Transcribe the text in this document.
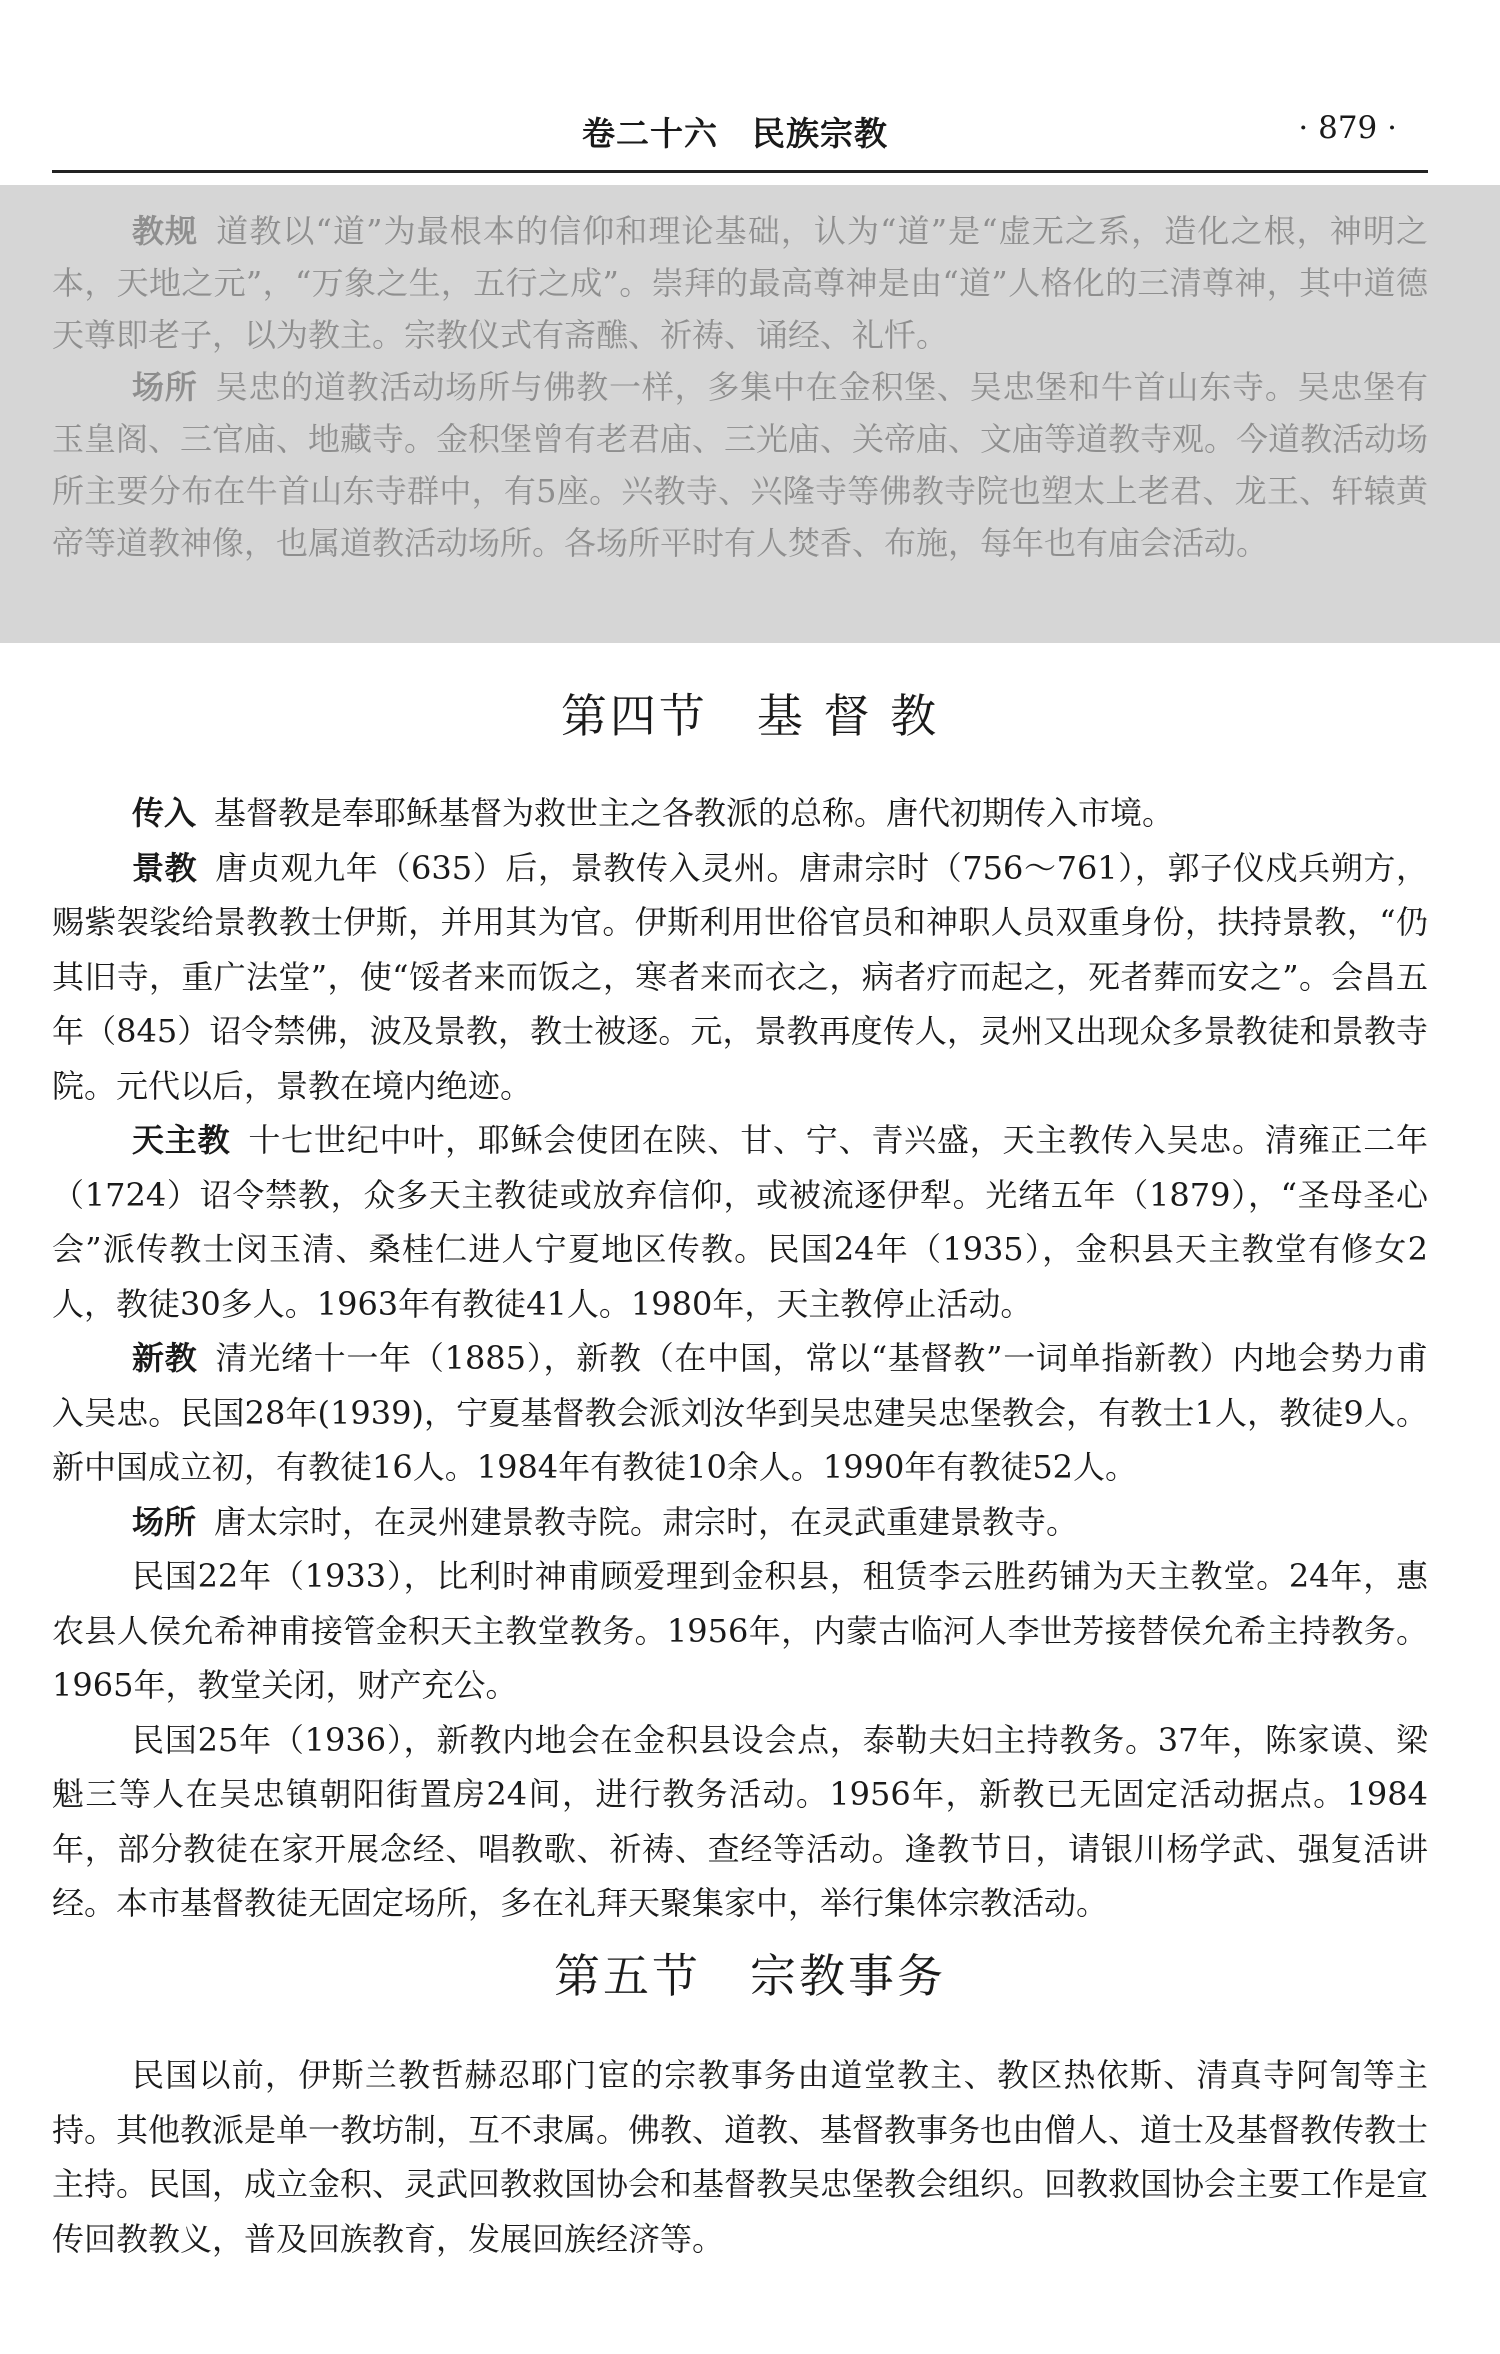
卷二十六　民族宗教	· 879 ·

教规 道教以“道”为最根本的信仰和理论基础，认为“道”是“虚无之系，造化之根，神明之本，天地之元”，“万象之生，五行之成”。崇拜的最高尊神是由“道”人格化的三清尊神，其中道德天尊即老子，以为教主。宗教仪式有斋醮、祈祷、诵经、礼忏。

场所 吴忠的道教活动场所与佛教一样，多集中在金积堡、吴忠堡和牛首山东寺。吴忠堡有玉皇阁、三官庙、地藏寺。金积堡曾有老君庙、三光庙、关帝庙、文庙等道教寺观。今道教活动场所主要分布在牛首山东寺群中，有5座。兴教寺、兴隆寺等佛教寺院也塑太上老君、龙王、轩辕黄帝等道教神像，也属道教活动场所。各场所平时有人焚香、布施，每年也有庙会活动。

第四节　基 督 教

传入 基督教是奉耶稣基督为救世主之各教派的总称。唐代初期传入市境。

景教 唐贞观九年（635）后，景教传入灵州。唐肃宗时（756～761），郭子仪戍兵朔方，赐紫袈裟给景教教士伊斯，并用其为官。伊斯利用世俗官员和神职人员双重身份，扶持景教，“仍其旧寺，重广法堂”，使“馁者来而饭之，寒者来而衣之，病者疗而起之，死者葬而安之”。会昌五年（845）诏令禁佛，波及景教，教士被逐。元，景教再度传人，灵州又出现众多景教徒和景教寺院。元代以后，景教在境内绝迹。

天主教 十七世纪中叶，耶稣会使团在陕、甘、宁、青兴盛，天主教传入吴忠。清雍正二年（1724）诏令禁教，众多天主教徒或放弃信仰，或被流逐伊犁。光绪五年（1879），“圣母圣心会”派传教士闵玉清、桑桂仁进人宁夏地区传教。民国24年（1935），金积县天主教堂有修女2人，教徒30多人。1963年有教徒41人。1980年，天主教停止活动。

新教 清光绪十一年（1885），新教（在中国，常以“基督教”一词单指新教）内地会势力甫入吴忠。民国28年(1939)，宁夏基督教会派刘汝华到吴忠建吴忠堡教会，有教士1人，教徒9人。新中国成立初，有教徒16人。1984年有教徒10余人。1990年有教徒52人。

场所 唐太宗时，在灵州建景教寺院。肃宗时，在灵武重建景教寺。

民国22年（1933），比利时神甫顾爱理到金积县，租赁李云胜药铺为天主教堂。24年，惠农县人侯允希神甫接管金积天主教堂教务。1956年，内蒙古临河人李世芳接替侯允希主持教务。1965年，教堂关闭，财产充公。

民国25年（1936），新教内地会在金积县设会点，泰勒夫妇主持教务。37年，陈家谟、梁魁三等人在吴忠镇朝阳街置房24间，进行教务活动。1956年，新教已无固定活动据点。1984年，部分教徒在家开展念经、唱教歌、祈祷、查经等活动。逢教节日，请银川杨学武、强复活讲经。本市基督教徒无固定场所，多在礼拜天聚集家中，举行集体宗教活动。

第五节　宗教事务

民国以前，伊斯兰教哲赫忍耶门宦的宗教事务由道堂教主、教区热依斯、清真寺阿訇等主持。其他教派是单一教坊制，互不隶属。佛教、道教、基督教事务也由僧人、道士及基督教传教士主持。民国，成立金积、灵武回教救国协会和基督教吴忠堡教会组织。回教救国协会主要工作是宣传回教教义，普及回族教育，发展回族经济等。
